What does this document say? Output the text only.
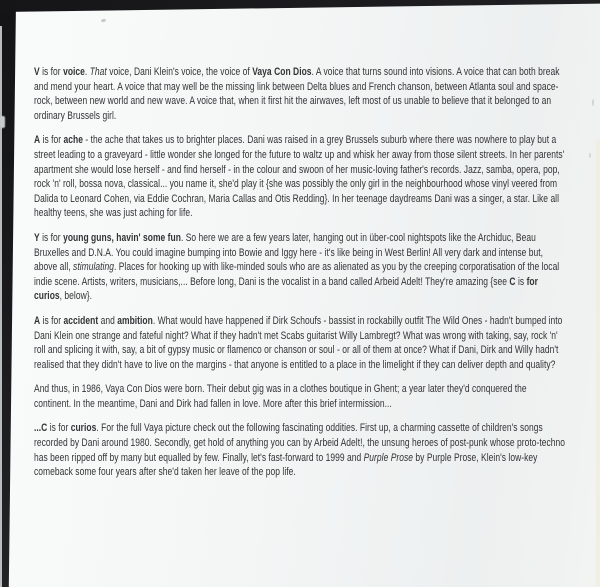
V is for voice. That voice, Dani Klein's voice, the voice of Vaya Con Dios. A voice that turns sound into visions. A voice that can both break and mend your heart. A voice that may well be the missing link between Delta blues and French chanson, between Atlanta soul and space-rock, between new world and new wave. A voice that, when it first hit the airwaves, left most of us unable to believe that it belonged to an ordinary Brussels girl.

A is for ache - the ache that takes us to brighter places. Dani was raised in a grey Brussels suburb where there was nowhere to play but a street leading to a graveyard - little wonder she longed for the future to waltz up and whisk her away from those silent streets. In her parents' apartment she would lose herself - and find herself - in the colour and swoon of her music-loving father's records. Jazz, samba, opera, pop, rock 'n' roll, bossa nova, classical... you name it, she'd play it {she was possibly the only girl in the neighbourhood whose vinyl veered from Dalida to Leonard Cohen, via Eddie Cochran, Maria Callas and Otis Redding}. In her teenage daydreams Dani was a singer, a star. Like all healthy teens, she was just aching for life.

Y is for young guns, havin' some fun. So here we are a few years later, hanging out in über-cool nightspots like the Archiduc, Beau Bruxelles and D.N.A. You could imagine bumping into Bowie and Iggy here - it's like being in West Berlin! All very dark and intense but, above all, stimulating. Places for hooking up with like-minded souls who are as alienated as you by the creeping corporatisation of the local indie scene. Artists, writers, musicians,... Before long, Dani is the vocalist in a band called Arbeid Adelt! They're amazing {see C is for curios, below}.

A is for accident and ambition. What would have happened if Dirk Schoufs - bassist in rockabilly outfit The Wild Ones - hadn't bumped into Dani Klein one strange and fateful night? What if they hadn't met Scabs guitarist Willy Lambregt? What was wrong with taking, say, rock 'n' roll and splicing it with, say, a bit of gypsy music or flamenco or chanson or soul - or all of them at once? What if Dani, Dirk and Willy hadn't realised that they didn't have to live on the margins - that anyone is entitled to a place in the limelight if they can deliver depth and quality?

And thus, in 1986, Vaya Con Dios were born. Their debut gig was in a clothes boutique in Ghent; a year later they'd conquered the continent. In the meantime, Dani and Dirk had fallen in love. More after this brief intermission...

...C is for curios. For the full Vaya picture check out the following fascinating oddities. First up, a charming cassette of children's songs recorded by Dani around 1980. Secondly, get hold of anything you can by Arbeid Adelt!, the unsung heroes of post-punk whose proto-techno has been ripped off by many but equalled by few. Finally, let's fast-forward to 1999 and Purple Prose by Purple Prose, Klein's low-key comeback some four years after she'd taken her leave of the pop life.
